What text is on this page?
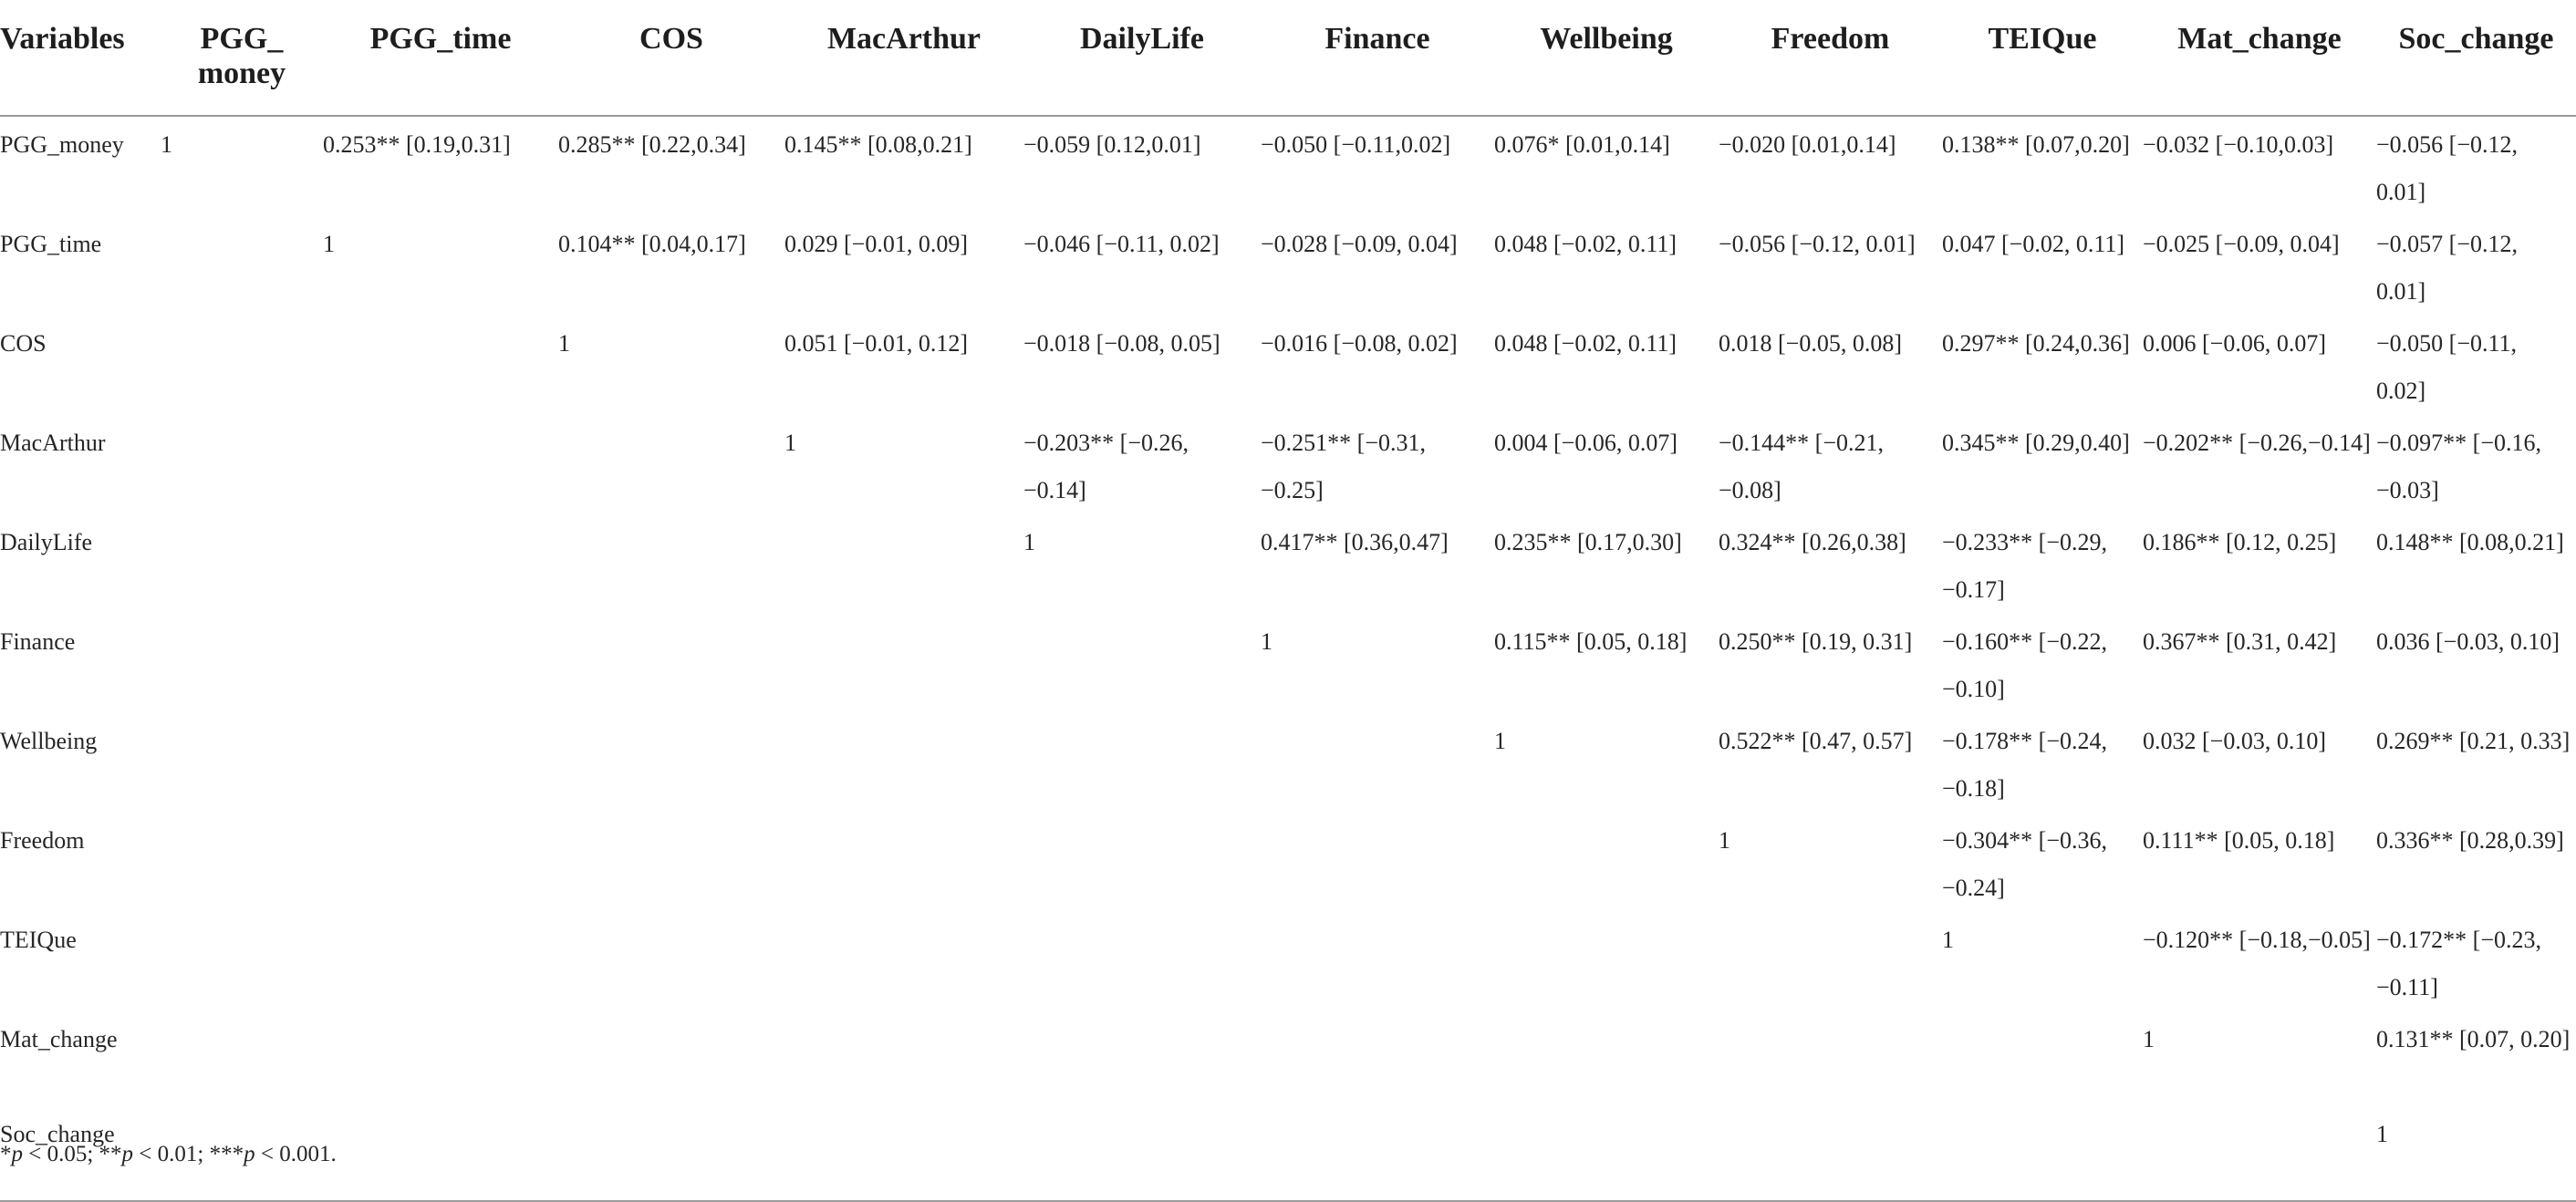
Variables	PGG_ money	PGG_time	COS	MacArthur	DailyLife	Finance	Wellbeing	Freedom	TEIQue	Mat_change	Soc_change
PGG_money	1	0.253** [0.19,0.31]	0.285** [0.22,0.34]	0.145** [0.08,0.21]	−0.059 [0.12,0.01]	−0.050 [−0.11,0.02]	0.076* [0.01,0.14]	−0.020 [0.01,0.14]	0.138** [0.07,0.20]	−0.032 [−0.10,0.03]	−0.056 [−0.12, 0.01]
PGG_time		1	0.104** [0.04,0.17]	0.029 [−0.01, 0.09]	−0.046 [−0.11, 0.02]	−0.028 [−0.09, 0.04]	0.048 [−0.02, 0.11]	−0.056 [−0.12, 0.01]	0.047 [−0.02, 0.11]	−0.025 [−0.09, 0.04]	−0.057 [−0.12, 0.01]
COS			1	0.051 [−0.01, 0.12]	−0.018 [−0.08, 0.05]	−0.016 [−0.08, 0.02]	0.048 [−0.02, 0.11]	0.018 [−0.05, 0.08]	0.297** [0.24,0.36]	0.006 [−0.06, 0.07]	−0.050 [−0.11, 0.02]
MacArthur				1	−0.203** [−0.26, −0.14]	−0.251** [−0.31, −0.25]	0.004 [−0.06, 0.07]	−0.144** [−0.21, −0.08]	0.345** [0.29,0.40]	−0.202** [−0.26,−0.14]	−0.097** [−0.16, −0.03]
DailyLife					1	0.417** [0.36,0.47]	0.235** [0.17,0.30]	0.324** [0.26,0.38]	−0.233** [−0.29, −0.17]	0.186** [0.12, 0.25]	0.148** [0.08,0.21]
Finance						1	0.115** [0.05, 0.18]	0.250** [0.19, 0.31]	−0.160** [−0.22, −0.10]	0.367** [0.31, 0.42]	0.036 [−0.03, 0.10]
Wellbeing							1	0.522** [0.47, 0.57]	−0.178** [−0.24, −0.18]	0.032 [−0.03, 0.10]	0.269** [0.21, 0.33]
Freedom								1	−0.304** [−0.36, −0.24]	0.111** [0.05, 0.18]	0.336** [0.28,0.39]
TEIQue									1	−0.120** [−0.18,−0.05]	−0.172** [−0.23, −0.11]
Mat_change										1	0.131** [0.07, 0.20]
Soc_change											1
*p < 0.05; **p < 0.01; ***p < 0.001.
